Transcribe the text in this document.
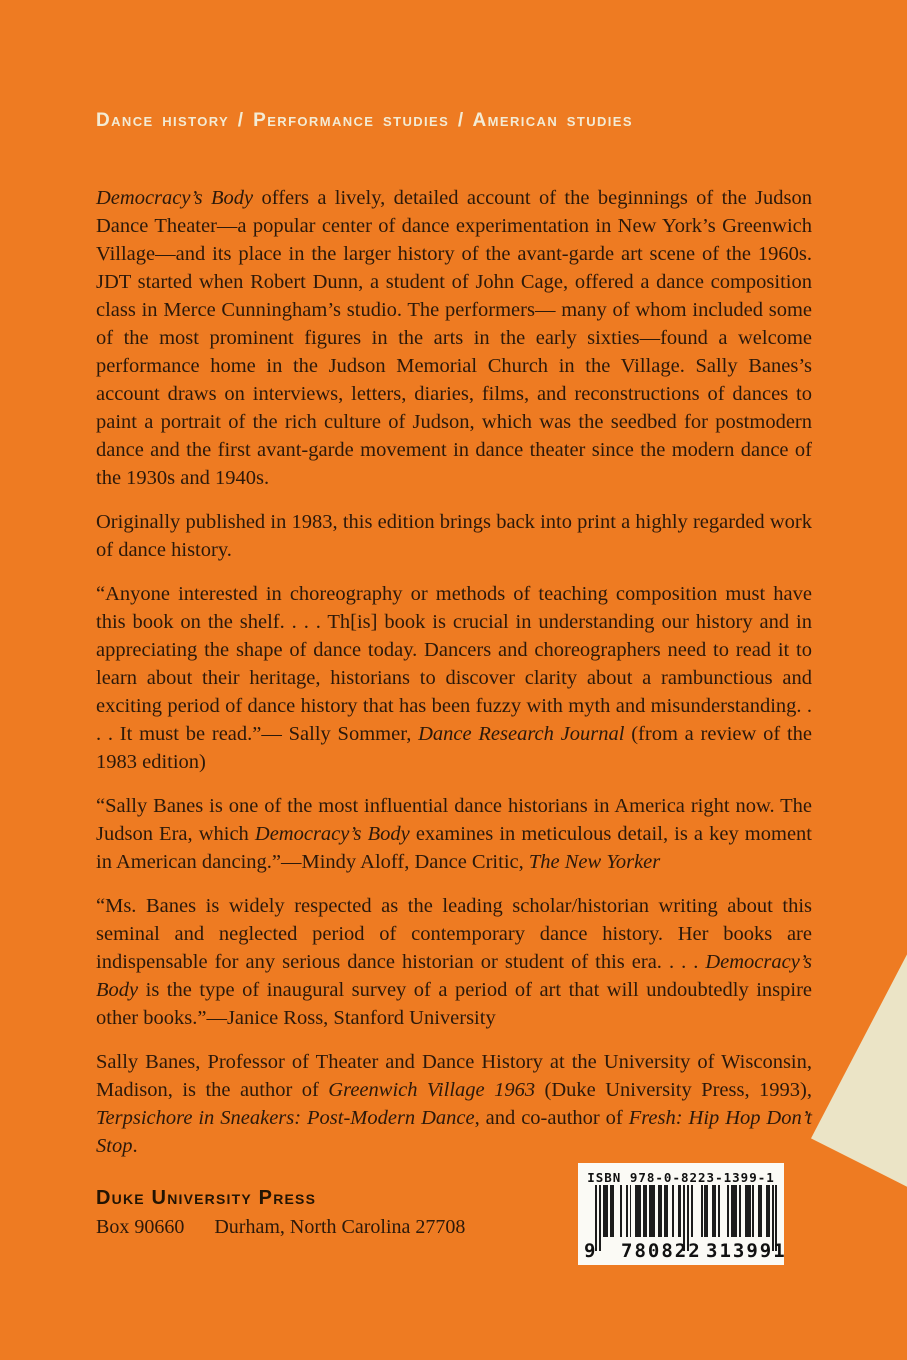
Dance history / Performance studies / American studies

Democracy’s Body offers a lively, detailed account of the beginnings of the Judson Dance Theater—a popular center of dance experimentation in New York’s Greenwich Village—and its place in the larger history of the avant-garde art scene of the 1960s. JDT started when Robert Dunn, a student of John Cage, offered a dance composition class in Merce Cunningham’s studio. The performers— many of whom included some of the most prominent figures in the arts in the early sixties—found a welcome performance home in the Judson Memorial Church in the Village. Sally Banes’s account draws on interviews, letters, diaries, films, and reconstructions of dances to paint a portrait of the rich culture of Judson, which was the seedbed for postmodern dance and the first avant-garde movement in dance theater since the modern dance of the 1930s and 1940s.

Originally published in 1983, this edition brings back into print a highly regarded work of dance history.

“Anyone interested in choreography or methods of teaching composition must have this book on the shelf. . . . Th[is] book is crucial in understanding our history and in appreciating the shape of dance today. Dancers and choreographers need to read it to learn about their heritage, historians to discover clarity about a rambunctious and exciting period of dance history that has been fuzzy with myth and misunderstanding. . . . It must be read.”— Sally Sommer, Dance Research Journal (from a review of the 1983 edition)

“Sally Banes is one of the most influential dance historians in America right now. The Judson Era, which Democracy’s Body examines in meticulous detail, is a key moment in American dancing.”—Mindy Aloff, Dance Critic, The New Yorker

“Ms. Banes is widely respected as the leading scholar/historian writing about this seminal and neglected period of contemporary dance history. Her books are indispensable for any serious dance historian or student of this era. . . . Democracy’s Body is the type of inaugural survey of a period of art that will undoubtedly inspire other books.”—Janice Ross, Stanford University

Sally Banes, Professor of Theater and Dance History at the University of Wisconsin, Madison, is the author of Greenwich Village 1963 (Duke University Press, 1993), Terpsichore in Sneakers: Post-Modern Dance, and co-author of Fresh: Hip Hop Don’t Stop.

Duke University Press
Box 90660 Durham, North Carolina 27708
ISBN 978-0-8223-1399-1
9 780822 313991
